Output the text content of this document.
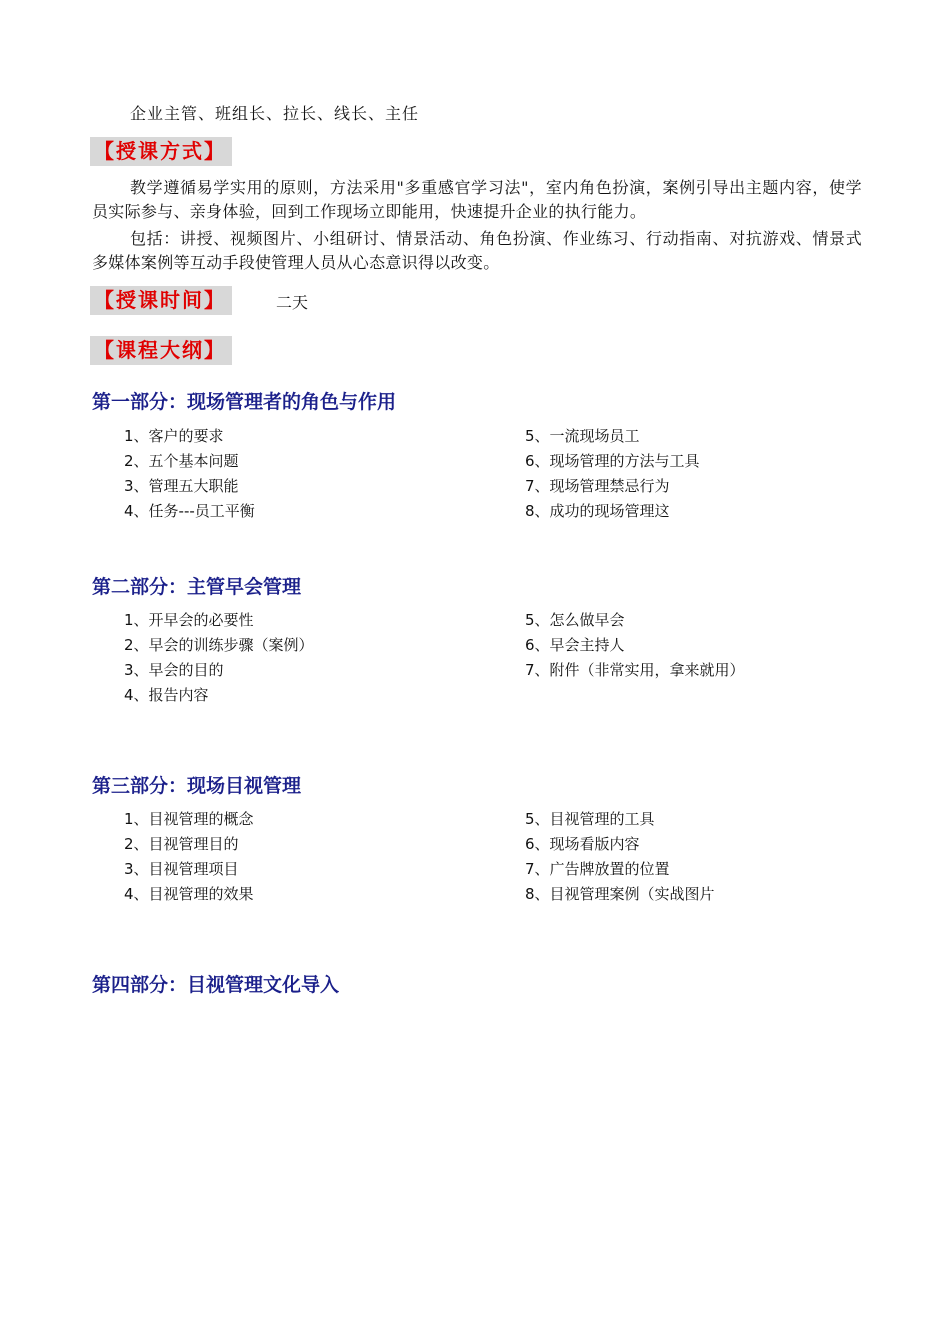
企业主管、班组长、拉长、线长、主任
【授课方式】

教学遵循易学实用的原则，方法采用"多重感官学习法"，室内角色扮演，案例引导出主题内容，使学员实际参与、亲身体验，回到工作现场立即能用，快速提升企业的执行能力。

包括：讲授、视频图片、小组研讨、情景活动、角色扮演、作业练习、行动指南、对抗游戏、情景式多媒体案例等互动手段使管理人员从心态意识得以改变。

【授课时间】	二天
【课程大纲】
第一部分：现场管理者的角色与作用
1、客户的要求
2、五个基本问题
3、管理五大职能
4、任务---员工平衡
5、一流现场员工
6、现场管理的方法与工具
7、现场管理禁忌行为
8、成功的现场管理这
第二部分：主管早会管理
1、开早会的必要性
2、早会的训练步骤（案例）
3、早会的目的
4、报告内容
5、怎么做早会
6、早会主持人
7、附件（非常实用，拿来就用）
第三部分：现场目视管理
1、目视管理的概念
2、目视管理目的
3、目视管理项目
4、目视管理的效果
5、目视管理的工具
6、现场看版内容
7、广告牌放置的位置
8、目视管理案例（实战图片
第四部分：目视管理文化导入
